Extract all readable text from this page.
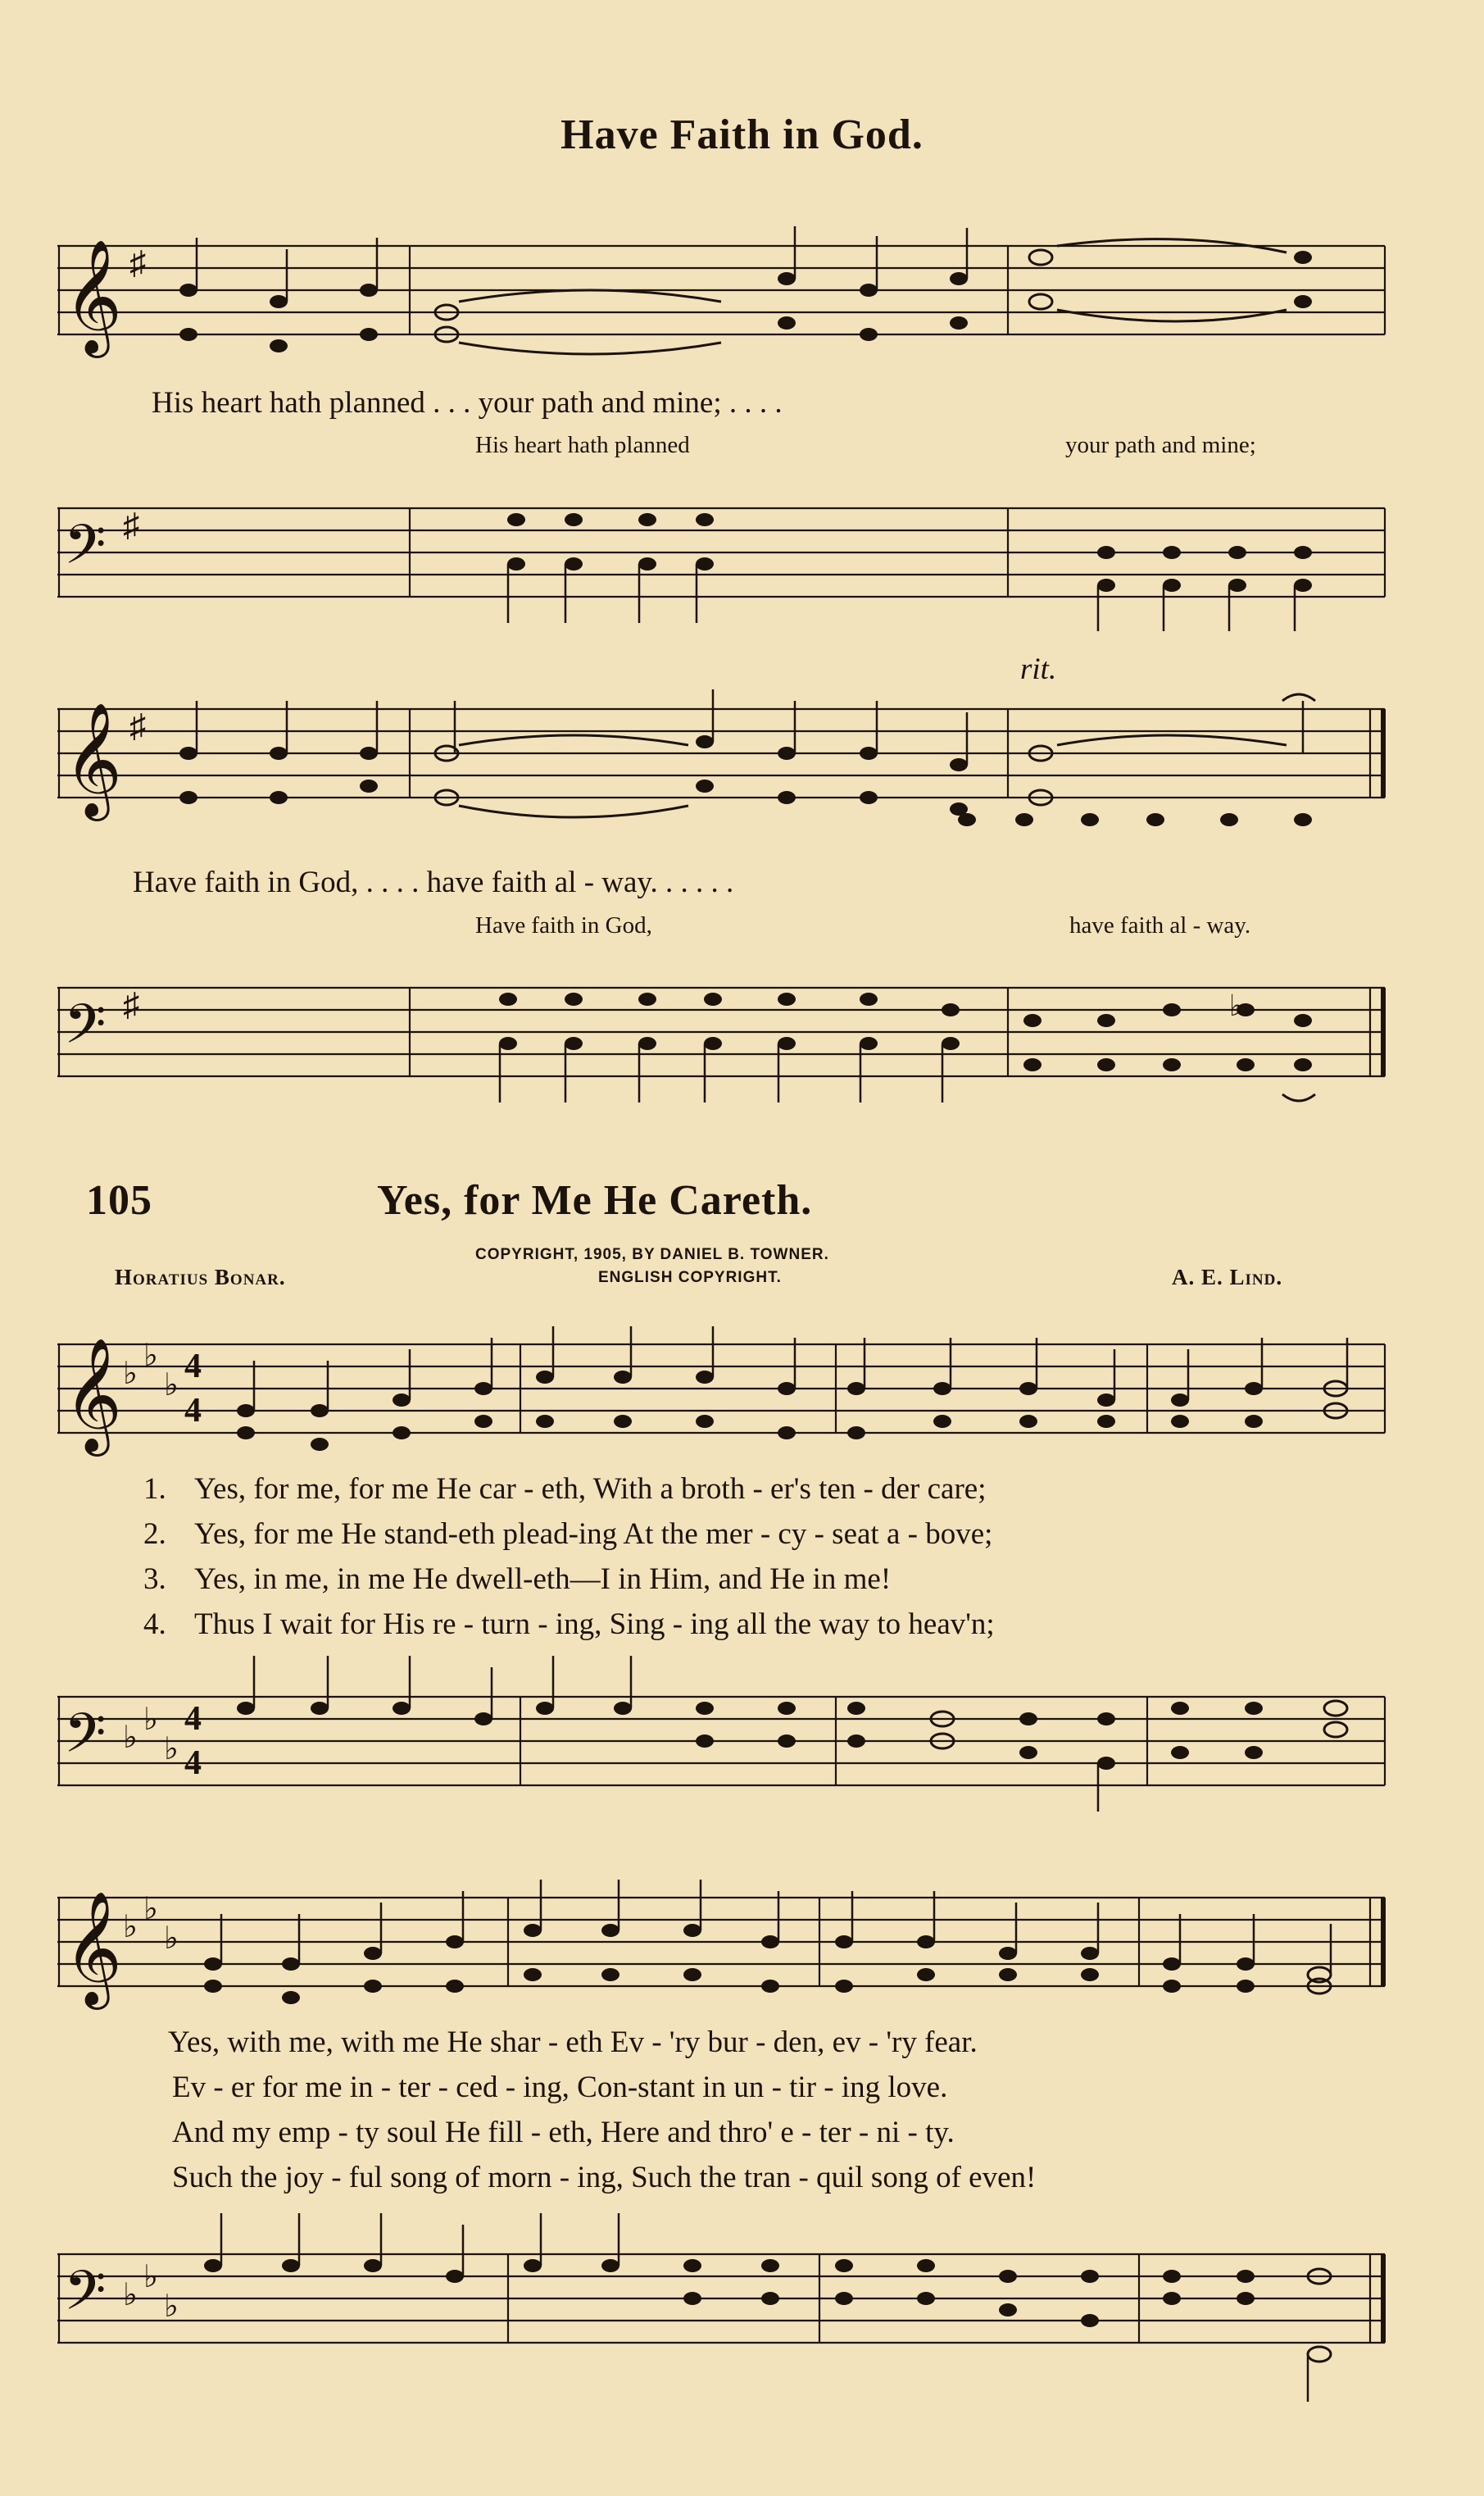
Have Faith in God.
𝄞 ♯
His heart hath planned . . . your path and mine; . . . .
His heart hath planned	your path and mine;
𝄢 ♯
𝄞 ♯
rit.
Have faith in God, . . . . have faith al - way. . . . . .
Have faith in God,	have faith al - way.
𝄢 ♯	♭
105	Yes, for Me He Careth.
COPYRIGHT, 1905, BY DANIEL B. TOWNER.
ENGLISH COPYRIGHT.
Horatius Bonar.	A. E. Lind.
𝄞 ♭
♭
♭ 4
4
1. Yes, for me, for me He car - eth, With a broth - er's ten - der care;
2. Yes, for me He stand-eth plead-ing At the mer - cy - seat a - bove;
3. Yes, in me, in me He dwell-eth—I in Him, and He in me!
4. Thus I wait for His re - turn - ing, Sing - ing all the way to heav'n;
𝄢 ♭
♭
♭
4
4
𝄞 ♭
♭
♭
Yes, with me, with me He shar - eth Ev - 'ry bur - den, ev - 'ry fear.
Ev - er for me in - ter - ced - ing, Con-stant in un - tir - ing love.
And my emp - ty soul He fill - eth, Here and thro' e - ter - ni - ty.
Such the joy - ful song of morn - ing, Such the tran - quil song of even!
𝄢 ♭
♭
♭
